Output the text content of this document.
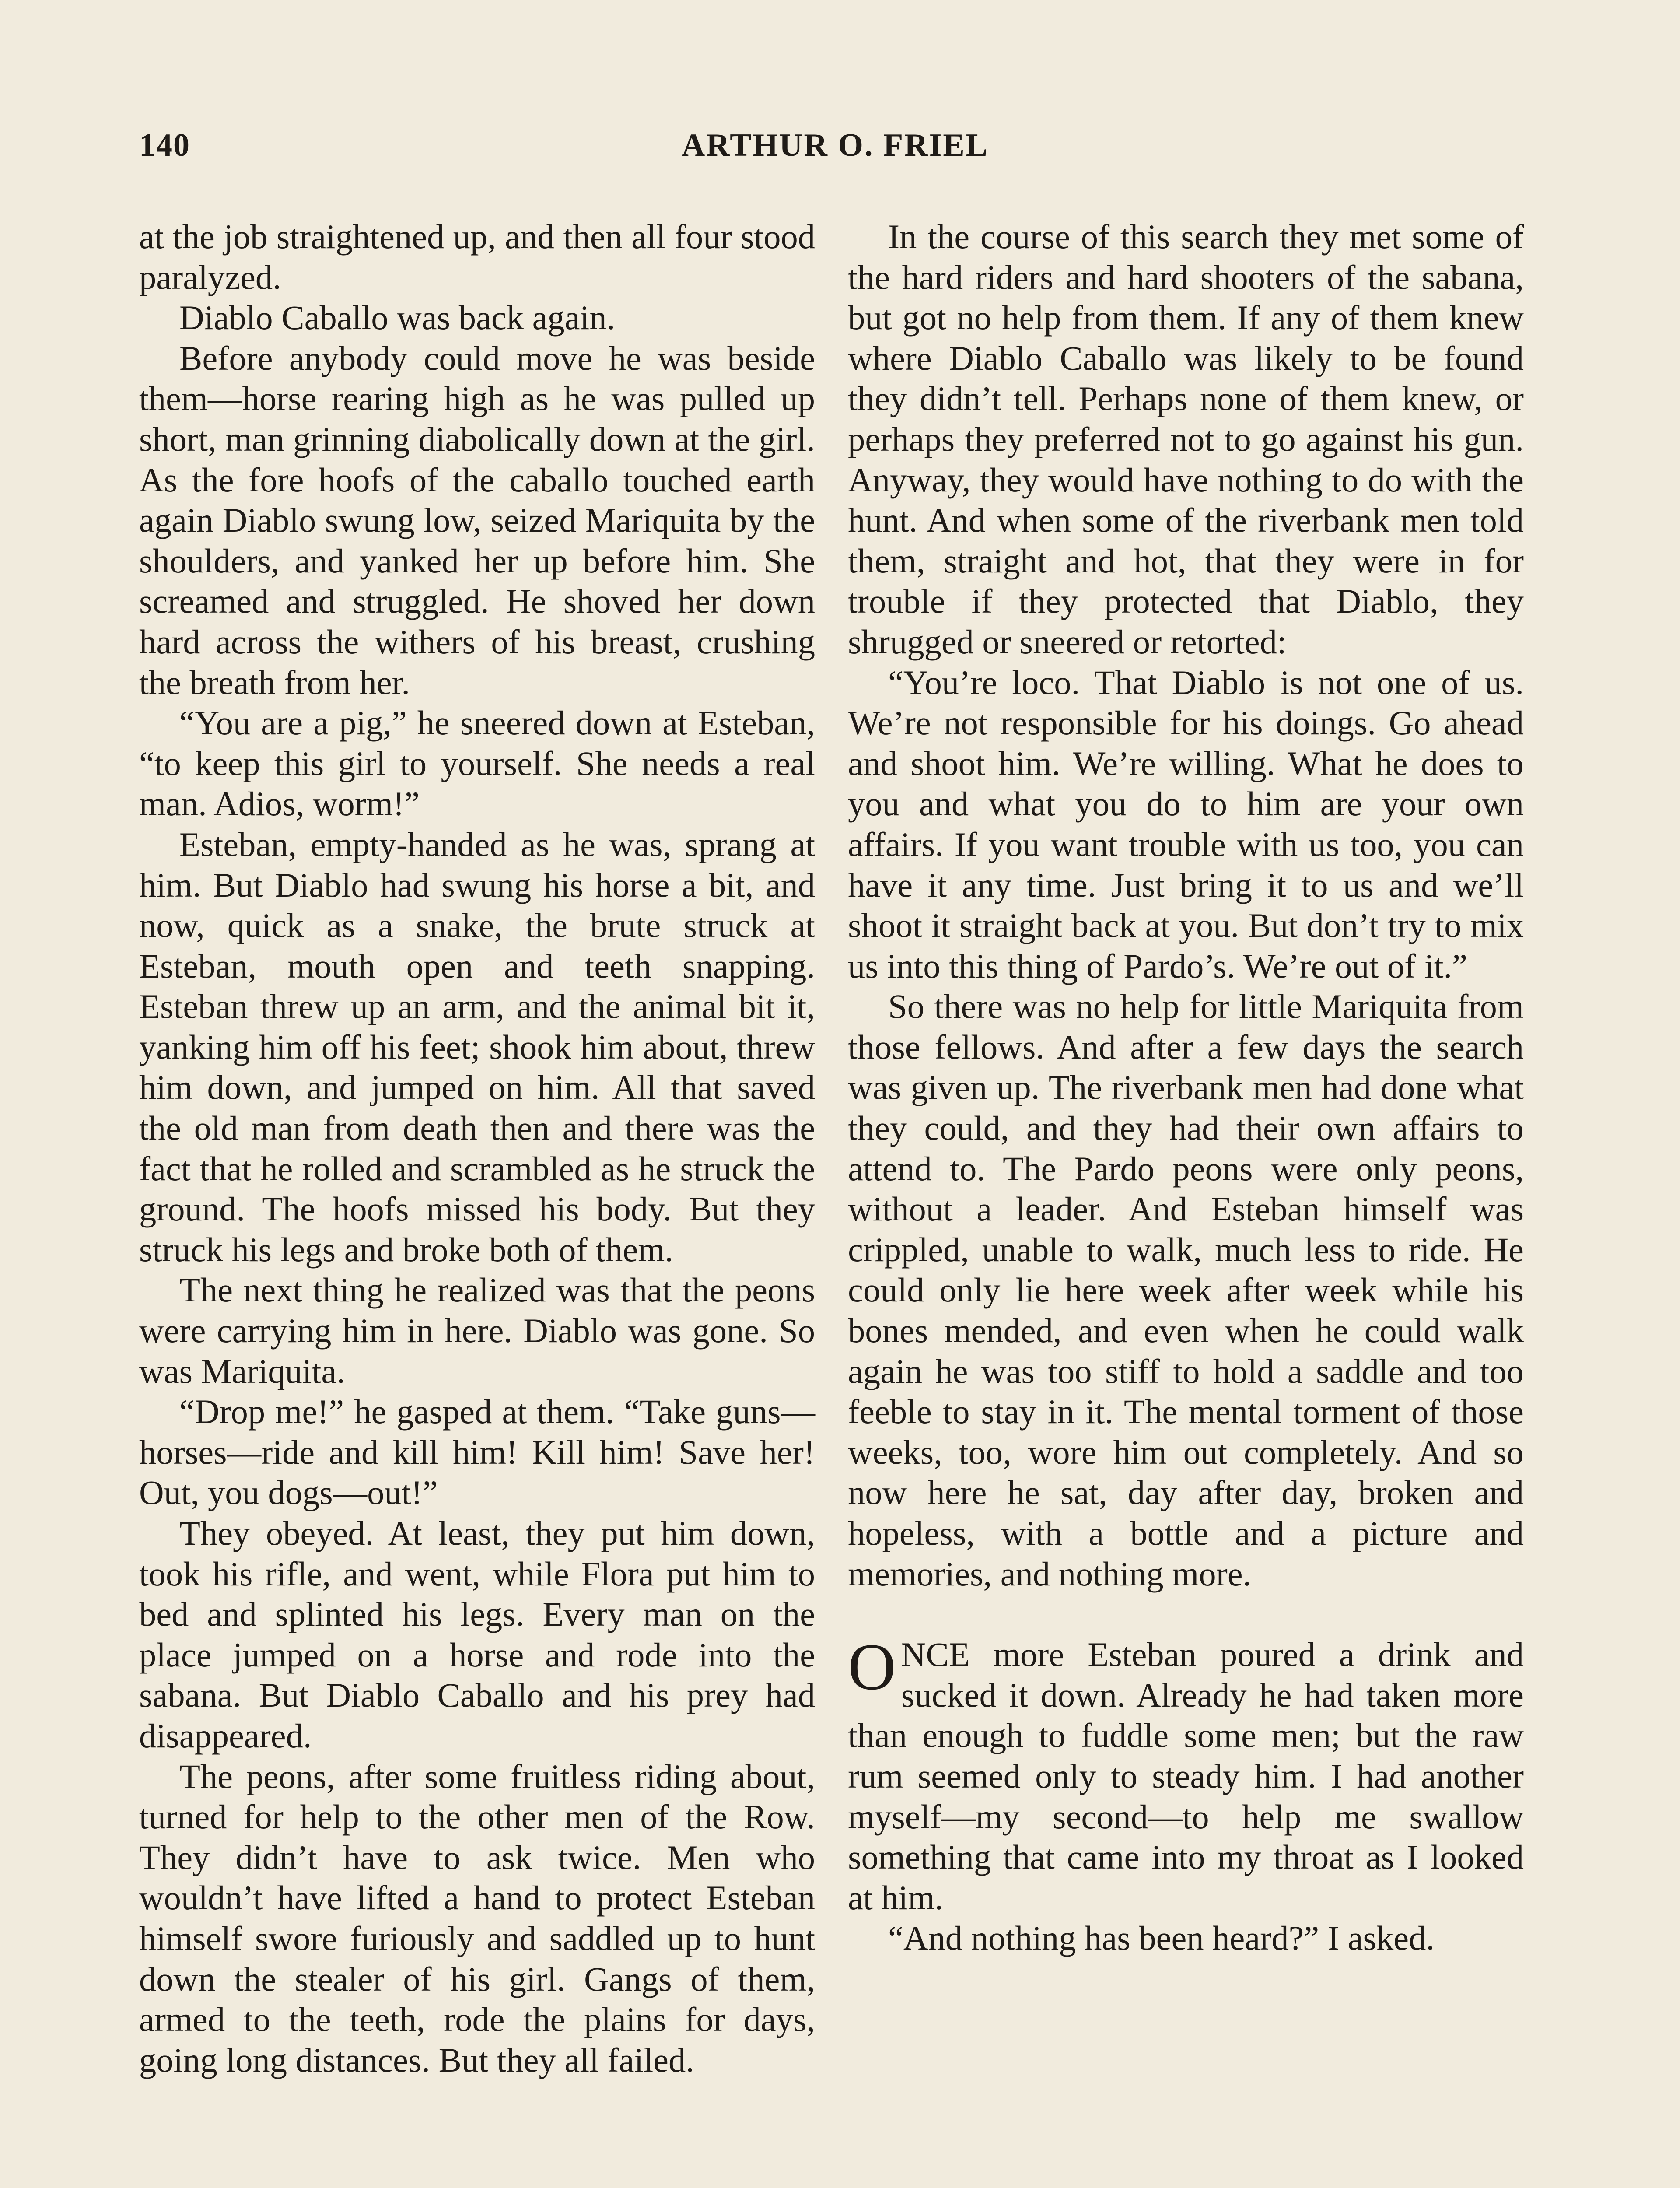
140	ARTHUR O. FRIEL

at the job straightened up, and then all four stood paralyzed.

Diablo Caballo was back again.

Before anybody could move he was beside them—horse rearing high as he was pulled up short, man grinning diabolically down at the girl. As the fore hoofs of the caballo touched earth again Diablo swung low, seized Mariquita by the shoulders, and yanked her up before him. She screamed and struggled. He shoved her down hard across the withers of his breast, crushing the breath from her.

“You are a pig,” he sneered down at Esteban, “to keep this girl to yourself. She needs a real man. Adios, worm!”

Esteban, empty-handed as he was, sprang at him. But Diablo had swung his horse a bit, and now, quick as a snake, the brute struck at Esteban, mouth open and teeth snapping. Esteban threw up an arm, and the animal bit it, yanking him off his feet; shook him about, threw him down, and jumped on him. All that saved the old man from death then and there was the fact that he rolled and scrambled as he struck the ground. The hoofs missed his body. But they struck his legs and broke both of them.

The next thing he realized was that the peons were carrying him in here. Diablo was gone. So was Mariquita.

“Drop me!” he gasped at them. “Take guns—horses—ride and kill him! Kill him! Save her! Out, you dogs—out!”

They obeyed. At least, they put him down, took his rifle, and went, while Flora put him to bed and splinted his legs. Every man on the place jumped on a horse and rode into the sabana. But Diablo Caballo and his prey had disappeared.

The peons, after some fruitless riding about, turned for help to the other men of the Row. They didn’t have to ask twice. Men who wouldn’t have lifted a hand to protect Esteban himself swore furiously and saddled up to hunt down the stealer of his girl. Gangs of them, armed to the teeth, rode the plains for days, going long distances. But they all failed.

In the course of this search they met some of the hard riders and hard shooters of the sabana, but got no help from them. If any of them knew where Diablo Caballo was likely to be found they didn’t tell. Perhaps none of them knew, or perhaps they preferred not to go against his gun. Anyway, they would have nothing to do with the hunt. And when some of the riverbank men told them, straight and hot, that they were in for trouble if they protected that Diablo, they shrugged or sneered or retorted:

“You’re loco. That Diablo is not one of us. We’re not responsible for his doings. Go ahead and shoot him. We’re willing. What he does to you and what you do to him are your own affairs. If you want trouble with us too, you can have it any time. Just bring it to us and we’ll shoot it straight back at you. But don’t try to mix us into this thing of Pardo’s. We’re out of it.”

So there was no help for little Mariquita from those fellows. And after a few days the search was given up. The riverbank men had done what they could, and they had their own affairs to attend to. The Pardo peons were only peons, without a leader. And Esteban himself was crippled, unable to walk, much less to ride. He could only lie here week after week while his bones mended, and even when he could walk again he was too stiff to hold a saddle and too feeble to stay in it. The mental torment of those weeks, too, wore him out completely. And so now here he sat, day after day, broken and hopeless, with a bottle and a picture and memories, and nothing more.

ONCE more Esteban poured a drink and sucked it down. Already he had taken more than enough to fuddle some men; but the raw rum seemed only to steady him. I had another myself—my second—to help me swallow something that came into my throat as I looked at him.

“And nothing has been heard?” I asked.
